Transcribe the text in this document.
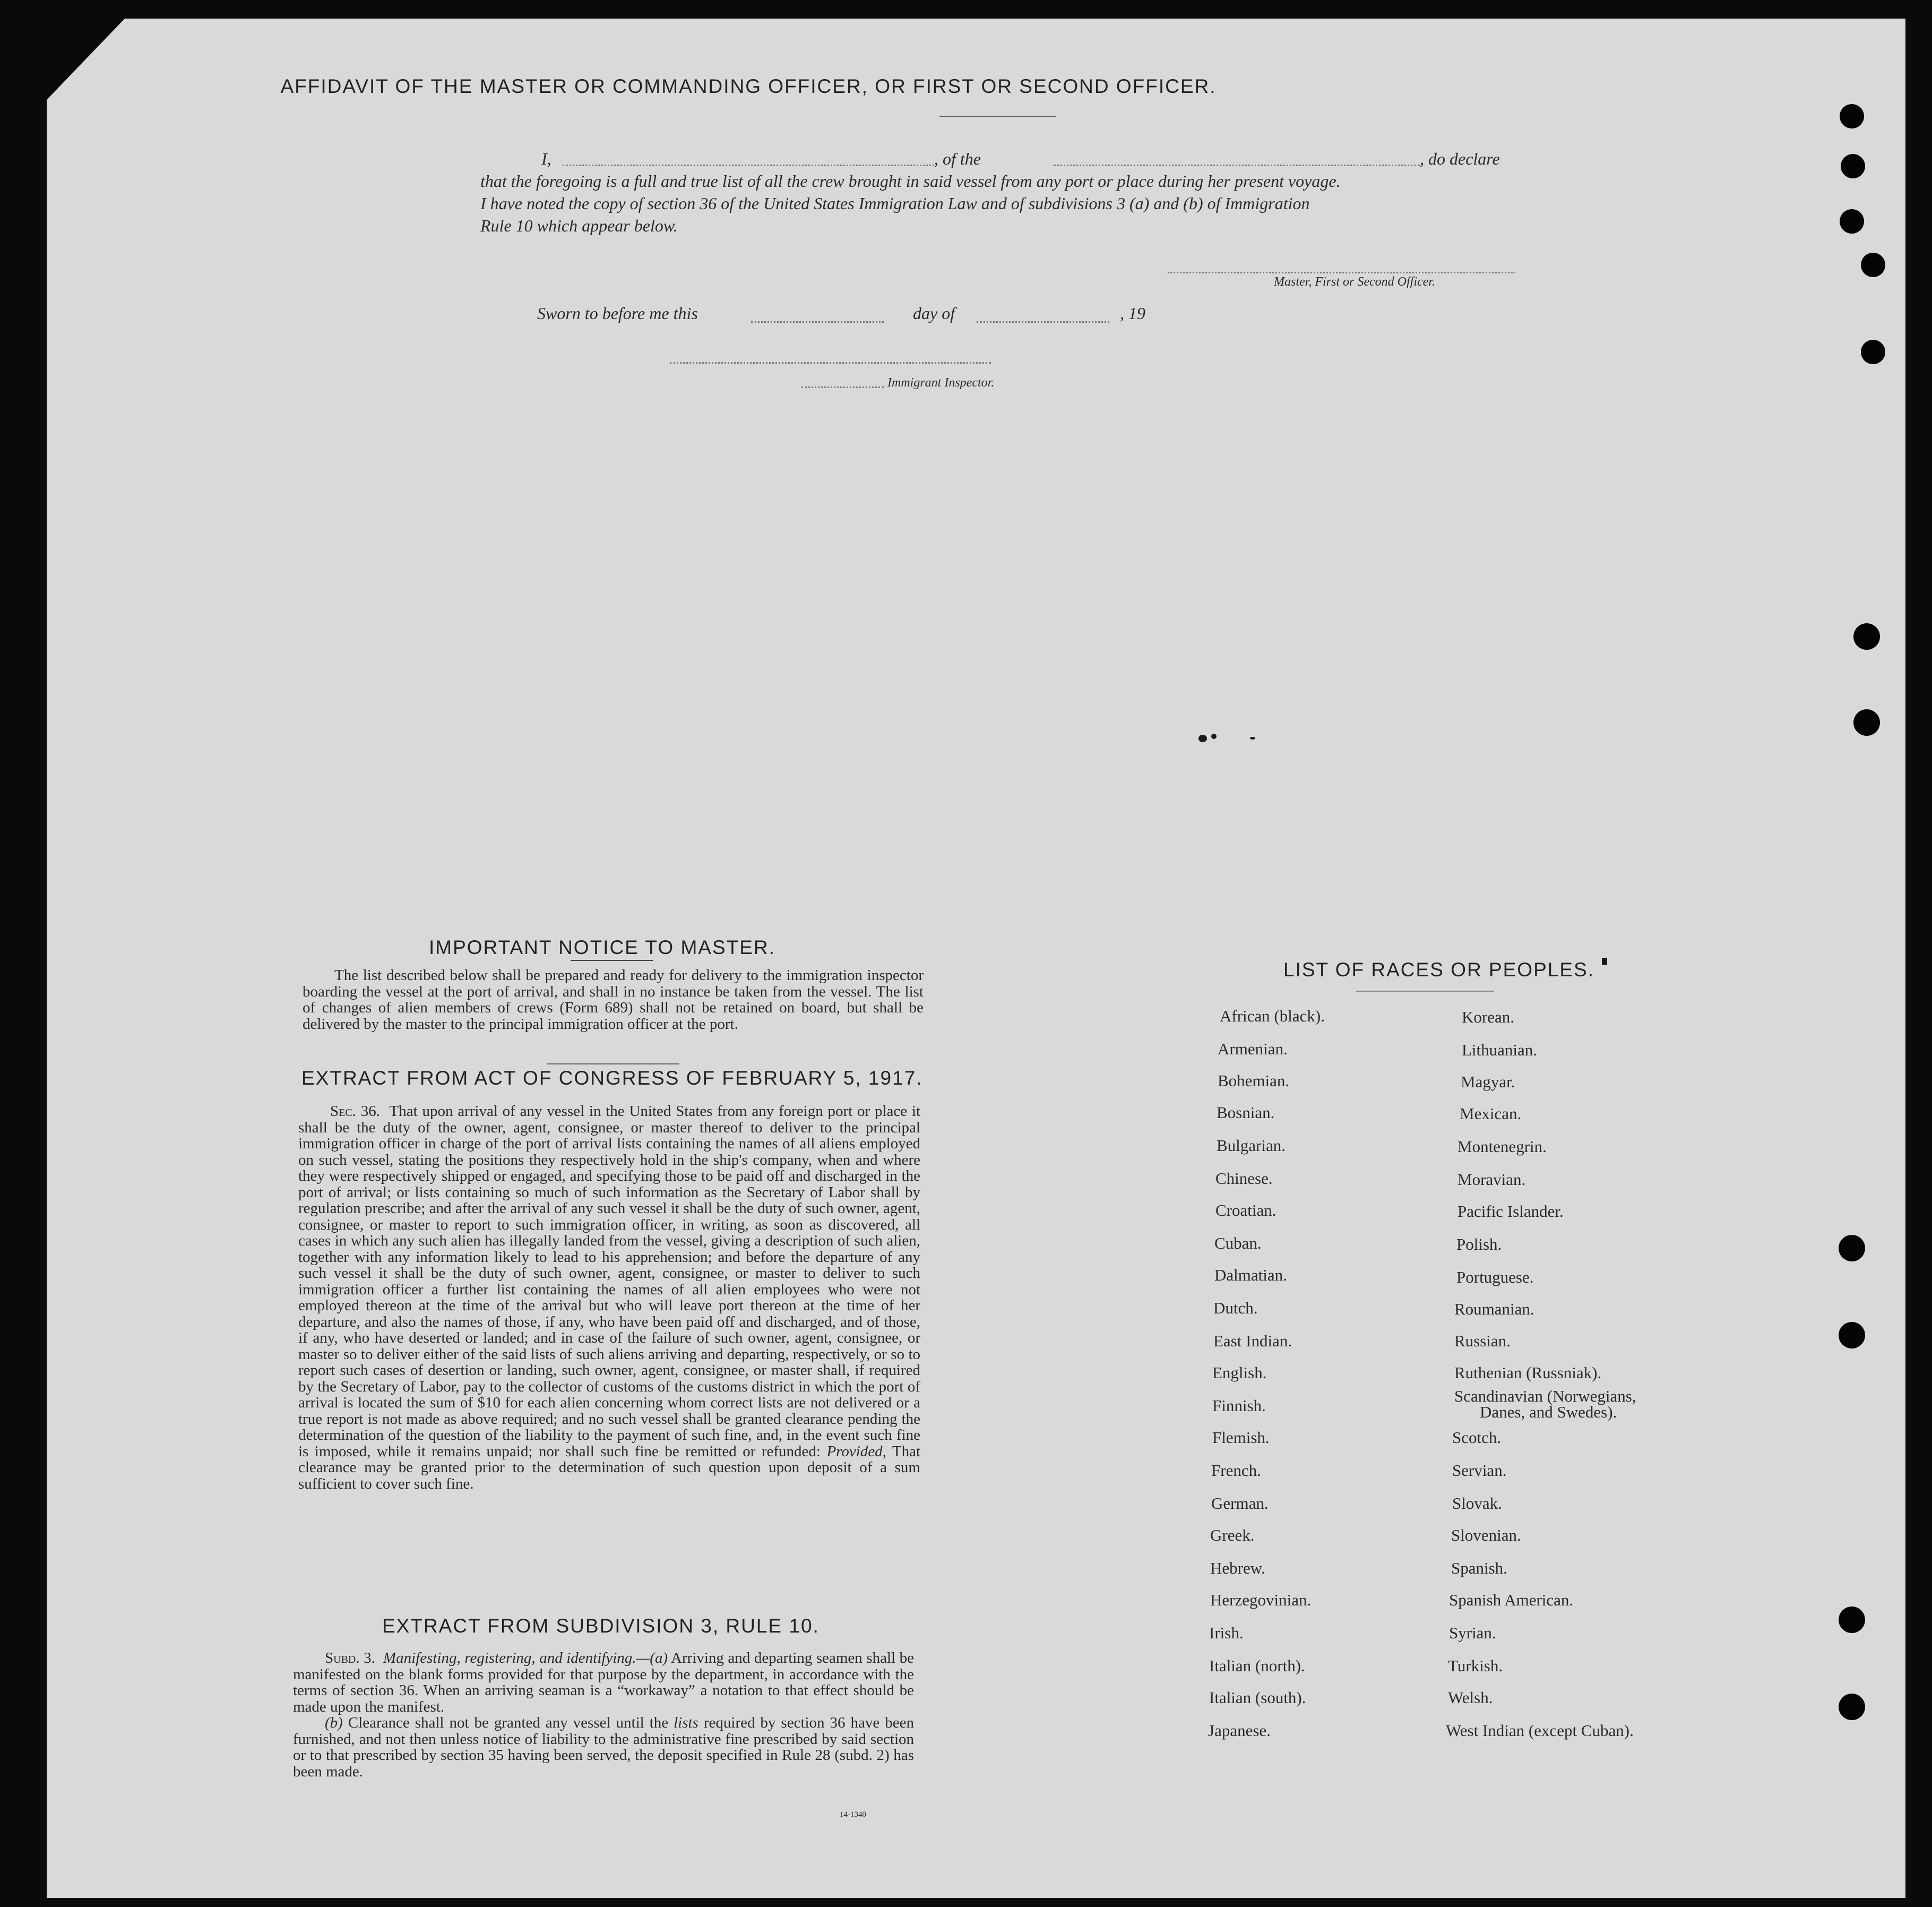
AFFIDAVIT OF THE MASTER OR COMMANDING OFFICER, OR FIRST OR SECOND OFFICER.
I,	, of the	, do declare
that the foregoing is a full and true list of all the crew brought in said vessel from any port or place during her present voyage.
I have noted the copy of section 36 of the United States Immigration Law and of subdivisions 3 (a) and (b) of Immigration
Rule 10 which appear below.
Master, First or Second Officer.
Sworn to before me this	day of	, 19
Immigrant Inspector.
IMPORTANT NOTICE TO MASTER.

The list described below shall be prepared and ready for delivery to the immigration inspector boarding the vessel at the port of arrival, and shall in no instance be taken from the vessel. The list of changes of alien members of crews (Form 689) shall not be retained on board, but shall be delivered by the master to the principal immigration officer at the port.

EXTRACT FROM ACT OF CONGRESS OF FEBRUARY 5, 1917.

Sec. 36. That upon arrival of any vessel in the United States from any foreign port or place it shall be the duty of the owner, agent, consignee, or master thereof to deliver to the principal immigration officer in charge of the port of arrival lists containing the names of all aliens employed on such vessel, stating the positions they respectively hold in the ship's company, when and where they were respectively shipped or engaged, and specifying those to be paid off and discharged in the port of arrival; or lists containing so much of such information as the Secretary of Labor shall by regulation prescribe; and after the arrival of any such vessel it shall be the duty of such owner, agent, consignee, or master to report to such immigration officer, in writing, as soon as discovered, all cases in which any such alien has illegally landed from the vessel, giving a description of such alien, together with any information likely to lead to his apprehension; and before the departure of any such vessel it shall be the duty of such owner, agent, consignee, or master to deliver to such immigration officer a further list containing the names of all alien employees who were not employed thereon at the time of the arrival but who will leave port thereon at the time of her departure, and also the names of those, if any, who have been paid off and discharged, and of those, if any, who have deserted or landed; and in case of the failure of such owner, agent, consignee, or master so to deliver either of the said lists of such aliens arriving and departing, respectively, or so to report such cases of desertion or landing, such owner, agent, consignee, or master shall, if required by the Secretary of Labor, pay to the collector of customs of the customs district in which the port of arrival is located the sum of $10 for each alien concerning whom correct lists are not delivered or a true report is not made as above required; and no such vessel shall be granted clearance pending the determination of the question of the liability to the payment of such fine, and, in the event such fine is imposed, while it remains unpaid; nor shall such fine be remitted or refunded: Provided, That clearance may be granted prior to the determination of such question upon deposit of a sum sufficient to cover such fine.

EXTRACT FROM SUBDIVISION 3, RULE 10.

Subd. 3. Manifesting, registering, and identifying.—(a) Arriving and departing seamen shall be manifested on the blank forms provided for that purpose by the department, in accordance with the terms of section 36. When an arriving seaman is a “workaway” a notation to that effect should be made upon the manifest.

(b) Clearance shall not be granted any vessel until the lists required by section 36 have been furnished, and not then unless notice of liability to the administrative fine prescribed by said section or to that prescribed by section 35 having been served, the deposit specified in Rule 28 (subd. 2) has been made.

14-1340
LIST OF RACES OR PEOPLES.
African (black).
Armenian.
Bohemian.
Bosnian.
Bulgarian.
Chinese.
Croatian.
Cuban.
Dalmatian.
Dutch.
East Indian.
English.
Finnish.
Flemish.
French.
German.
Greek.
Hebrew.
Herzegovinian.
Irish.
Italian (north).
Italian (south).
Japanese.
Korean.
Lithuanian.
Magyar.
Mexican.
Montenegrin.
Moravian.
Pacific Islander.
Polish.
Portuguese.
Roumanian.
Russian.
Ruthenian (Russniak).
Scandinavian (Norwegians,
Danes, and Swedes).
Scotch.
Servian.
Slovak.
Slovenian.
Spanish.
Spanish American.
Syrian.
Turkish.
Welsh.
West Indian (except Cuban).
